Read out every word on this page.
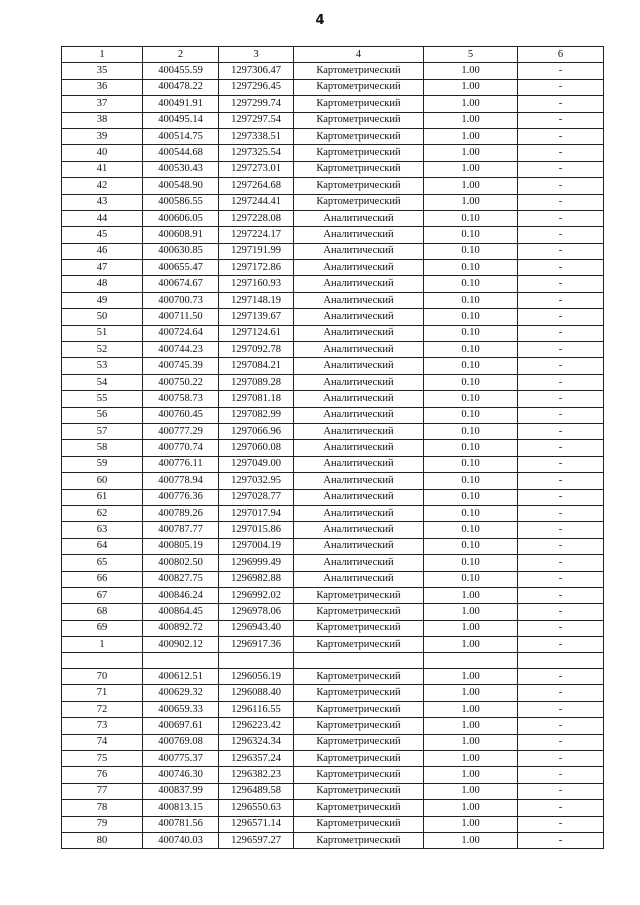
4
1	2	3	4	5	6
35	400455.59	1297306.47	Картометрический	1.00	-
36	400478.22	1297296.45	Картометрический	1.00	-
37	400491.91	1297299.74	Картометрический	1.00	-
38	400495.14	1297297.54	Картометрический	1.00	-
39	400514.75	1297338.51	Картометрический	1.00	-
40	400544.68	1297325.54	Картометрический	1.00	-
41	400530.43	1297273.01	Картометрический	1.00	-
42	400548.90	1297264.68	Картометрический	1.00	-
43	400586.55	1297244.41	Картометрический	1.00	-
44	400606.05	1297228.08	Аналитический	0.10	-
45	400608.91	1297224.17	Аналитический	0.10	-
46	400630.85	1297191.99	Аналитический	0.10	-
47	400655.47	1297172.86	Аналитический	0.10	-
48	400674.67	1297160.93	Аналитический	0.10	-
49	400700.73	1297148.19	Аналитический	0.10	-
50	400711.50	1297139.67	Аналитический	0.10	-
51	400724.64	1297124.61	Аналитический	0.10	-
52	400744.23	1297092.78	Аналитический	0.10	-
53	400745.39	1297084.21	Аналитический	0.10	-
54	400750.22	1297089.28	Аналитический	0.10	-
55	400758.73	1297081.18	Аналитический	0.10	-
56	400760.45	1297082.99	Аналитический	0.10	-
57	400777.29	1297066.96	Аналитический	0.10	-
58	400770.74	1297060.08	Аналитический	0.10	-
59	400776.11	1297049.00	Аналитический	0.10	-
60	400778.94	1297032.95	Аналитический	0.10	-
61	400776.36	1297028.77	Аналитический	0.10	-
62	400789.26	1297017.94	Аналитический	0.10	-
63	400787.77	1297015.86	Аналитический	0.10	-
64	400805.19	1297004.19	Аналитический	0.10	-
65	400802.50	1296999.49	Аналитический	0.10	-
66	400827.75	1296982.88	Аналитический	0.10	-
67	400846.24	1296992.02	Картометрический	1.00	-
68	400864.45	1296978.06	Картометрический	1.00	-
69	400892.72	1296943.40	Картометрический	1.00	-
1	400902.12	1296917.36	Картометрический	1.00	-

70	400612.51	1296056.19	Картометрический	1.00	-
71	400629.32	1296088.40	Картометрический	1.00	-
72	400659.33	1296116.55	Картометрический	1.00	-
73	400697.61	1296223.42	Картометрический	1.00	-
74	400769.08	1296324.34	Картометрический	1.00	-
75	400775.37	1296357.24	Картометрический	1.00	-
76	400746.30	1296382.23	Картометрический	1.00	-
77	400837.99	1296489.58	Картометрический	1.00	-
78	400813.15	1296550.63	Картометрический	1.00	-
79	400781.56	1296571.14	Картометрический	1.00	-
80	400740.03	1296597.27	Картометрический	1.00	-
